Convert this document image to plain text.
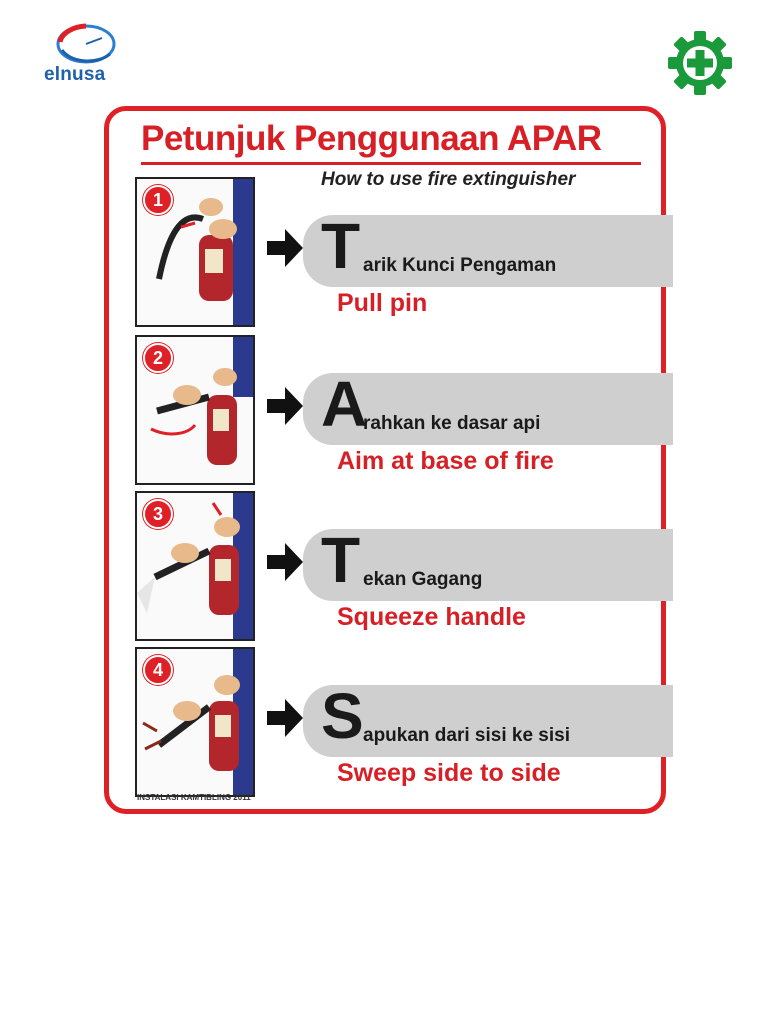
elnusa
Petunjuk Penggunaan APAR
How to use fire extinguisher
1
T arik Kunci Pengaman
Pull pin
2
A
rahkan ke dasar api
Aim at base of fire
3
T ekan Gagang
Squeeze handle
4
S apukan dari sisi ke sisi
Sweep side to side
INSTALASI KAMTIBLING 2011
